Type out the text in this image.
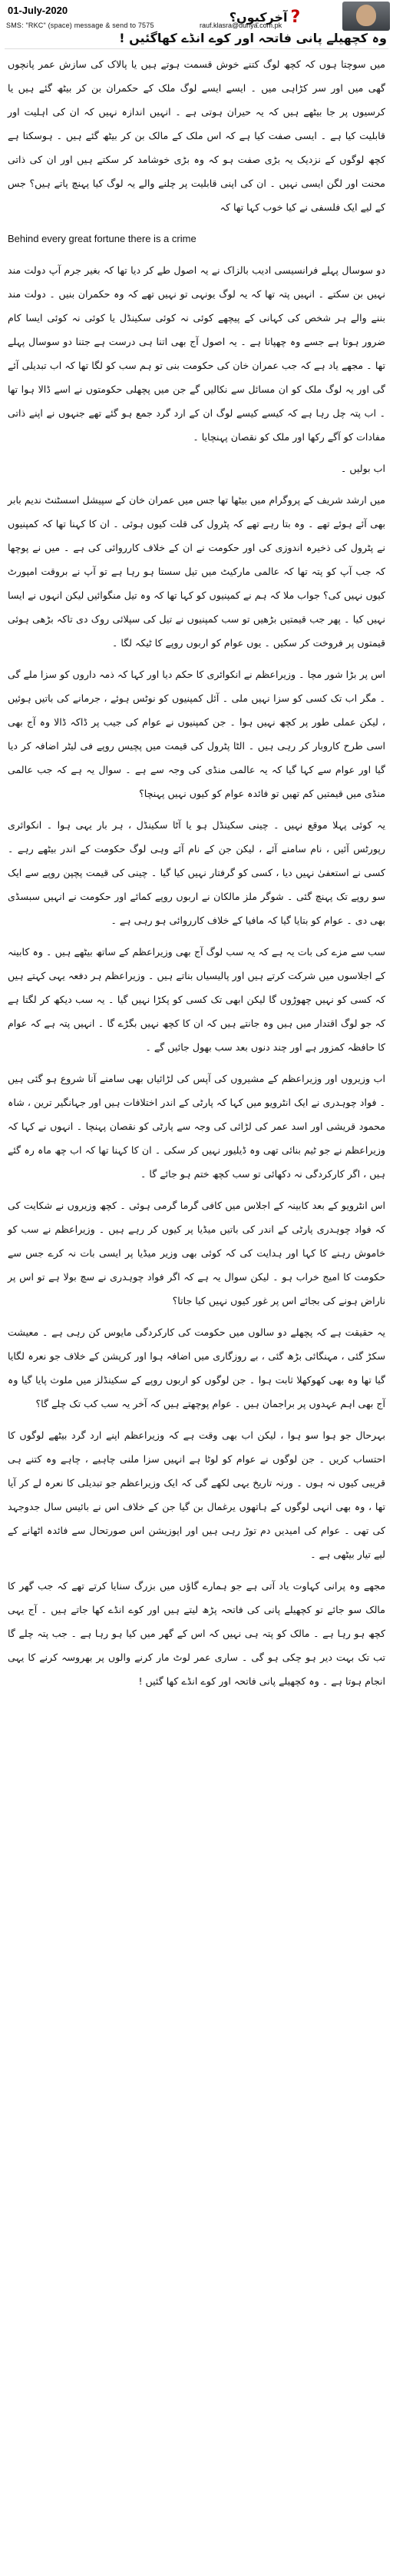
01-July-2020	آخرکیوں؟ ?
SMS: "RKC" (space) message & send to 7575	rauf.klasra@dunya.com.pk
وہ کچھیلے پانی فاتحہ اور کوے انڈے کھاگئیں !

میں سوچتا ہوں کہ کچھ لوگ کتنے خوش قسمت ہوتے ہیں یا پالاک کی سازش عمر پانچوں گھی میں اور سر کڑاہی میں ۔ ایسے ایسے لوگ ملک کے حکمران بن کر بیٹھ گئے ہیں یا کرسیوں پر جا بیٹھے ہیں کہ یہ حیران ہوتی ہے ۔ انہیں اندازہ نہیں کہ ان کی اہلیت اور قابلیت کیا ہے ۔ ایسی صفت کیا ہے کہ اس ملک کے مالک بن کر بیٹھ گئے ہیں ۔ ہوسکتا ہے کچھ لوگوں کے نزدیک یہ بڑی صفت ہو کہ وہ بڑی خوشامد کر سکتے ہیں اور ان کی ذاتی محنت اور لگن ایسی نہیں ۔ ان کی اپنی قابلیت پر چلنے والے یہ لوگ کیا پہنچ پاتے ہیں؟ جس کے لیے ایک فلسفی نے کیا خوب کہا تھا کہ

Behind every great fortune there is a crime

دو سوسال پہلے فرانسیسی ادیب بالزاک نے یہ اصول طے کر دیا تھا کہ بغیر جرم آپ دولت مند نہیں بن سکتے ۔ انہیں پتہ تھا کہ یہ لوگ یونہی تو نہیں تھے کہ وہ حکمران بنیں ۔ دولت مند بننے والے ہر شخص کی کہانی کے پیچھے کوئی نہ کوئی سکینڈل یا کوئی نہ کوئی ایسا کام ضرور ہوتا ہے جسے وہ چھپاتا ہے ۔ یہ اصول آج بھی اتنا ہی درست ہے جتنا دو سوسال پہلے تھا ۔ مجھے یاد ہے کہ جب عمران خان کی حکومت بنی تو ہم سب کو لگا تھا کہ اب تبدیلی آئے گی اور یہ لوگ ملک کو ان مسائل سے نکالیں گے جن میں پچھلی حکومتوں نے اسے ڈالا ہوا تھا ۔ اب پتہ چل رہا ہے کہ کیسے کیسے لوگ ان کے ارد گرد جمع ہو گئے تھے جنہوں نے اپنے ذاتی مفادات کو آگے رکھا اور ملک کو نقصان پہنچایا ۔

اب بولیں ۔

میں ارشد شریف کے پروگرام میں بیٹھا تھا جس میں عمران خان کے سپیشل اسسٹنٹ ندیم بابر بھی آئے ہوئے تھے ۔ وہ بتا رہے تھے کہ پٹرول کی قلت کیوں ہوئی ۔ ان کا کہنا تھا کہ کمپنیوں نے پٹرول کی ذخیرہ اندوزی کی اور حکومت نے ان کے خلاف کارروائی کی ہے ۔ میں نے پوچھا کہ جب آپ کو پتہ تھا کہ عالمی مارکیٹ میں تیل سستا ہو رہا ہے تو آپ نے بروقت امپورٹ کیوں نہیں کی؟ جواب ملا کہ ہم نے کمپنیوں کو کہا تھا کہ وہ تیل منگوائیں لیکن انہوں نے ایسا نہیں کیا ۔ پھر جب قیمتیں بڑھیں تو سب کمپنیوں نے تیل کی سپلائی روک دی تاکہ بڑھی ہوئی قیمتوں پر فروخت کر سکیں ۔ یوں عوام کو اربوں روپے کا ٹیکہ لگا ۔

اس پر بڑا شور مچا ۔ وزیراعظم نے انکوائری کا حکم دیا اور کہا کہ ذمہ داروں کو سزا ملے گی ۔ مگر اب تک کسی کو سزا نہیں ملی ۔ آئل کمپنیوں کو نوٹس ہوئے ، جرمانے کی باتیں ہوئیں ، لیکن عملی طور پر کچھ نہیں ہوا ۔ جن کمپنیوں نے عوام کی جیب پر ڈاکہ ڈالا وہ آج بھی اسی طرح کاروبار کر رہی ہیں ۔ الٹا پٹرول کی قیمت میں پچیس روپے فی لیٹر اضافہ کر دیا گیا اور عوام سے کہا گیا کہ یہ عالمی منڈی کی وجہ سے ہے ۔ سوال یہ ہے کہ جب عالمی منڈی میں قیمتیں کم تھیں تو فائدہ عوام کو کیوں نہیں پہنچا؟

یہ کوئی پہلا موقع نہیں ۔ چینی سکینڈل ہو یا آٹا سکینڈل ، ہر بار یہی ہوا ۔ انکوائری رپورٹس آئیں ، نام سامنے آئے ، لیکن جن کے نام آئے وہی لوگ حکومت کے اندر بیٹھے رہے ۔ کسی نے استعفیٰ نہیں دیا ، کسی کو گرفتار نہیں کیا گیا ۔ چینی کی قیمت پچپن روپے سے ایک سو روپے تک پہنچ گئی ۔ شوگر ملز مالکان نے اربوں روپے کمائے اور حکومت نے انہیں سبسڈی بھی دی ۔ عوام کو بتایا گیا کہ مافیا کے خلاف کارروائی ہو رہی ہے ۔

سب سے مزے کی بات یہ ہے کہ یہ سب لوگ آج بھی وزیراعظم کے ساتھ بیٹھے ہیں ۔ وہ کابینہ کے اجلاسوں میں شرکت کرتے ہیں اور پالیسیاں بناتے ہیں ۔ وزیراعظم ہر دفعہ یہی کہتے ہیں کہ کسی کو نہیں چھوڑوں گا لیکن ابھی تک کسی کو پکڑا نہیں گیا ۔ یہ سب دیکھ کر لگتا ہے کہ جو لوگ اقتدار میں ہیں وہ جانتے ہیں کہ ان کا کچھ نہیں بگڑے گا ۔ انہیں پتہ ہے کہ عوام کا حافظہ کمزور ہے اور چند دنوں بعد سب بھول جائیں گے ۔

اب وزیروں اور وزیراعظم کے مشیروں کی آپس کی لڑائیاں بھی سامنے آنا شروع ہو گئی ہیں ۔ فواد چوہدری نے ایک انٹرویو میں کہا کہ پارٹی کے اندر اختلافات ہیں اور جہانگیر ترین ، شاہ محمود قریشی اور اسد عمر کی لڑائی کی وجہ سے پارٹی کو نقصان پہنچا ۔ انہوں نے کہا کہ وزیراعظم نے جو ٹیم بنائی تھی وہ ڈیلیور نہیں کر سکی ۔ ان کا کہنا تھا کہ اب چھ ماہ رہ گئے ہیں ، اگر کارکردگی نہ دکھائی تو سب کچھ ختم ہو جائے گا ۔

اس انٹرویو کے بعد کابینہ کے اجلاس میں کافی گرما گرمی ہوئی ۔ کچھ وزیروں نے شکایت کی کہ فواد چوہدری پارٹی کے اندر کی باتیں میڈیا پر کیوں کر رہے ہیں ۔ وزیراعظم نے سب کو خاموش رہنے کا کہا اور ہدایت کی کہ کوئی بھی وزیر میڈیا پر ایسی بات نہ کرے جس سے حکومت کا امیج خراب ہو ۔ لیکن سوال یہ ہے کہ اگر فواد چوہدری نے سچ بولا ہے تو اس پر ناراض ہونے کی بجائے اس پر غور کیوں نہیں کیا جاتا؟

یہ حقیقت ہے کہ پچھلے دو سالوں میں حکومت کی کارکردگی مایوس کن رہی ہے ۔ معیشت سکڑ گئی ، مہنگائی بڑھ گئی ، بے روزگاری میں اضافہ ہوا اور کرپشن کے خلاف جو نعرہ لگایا گیا تھا وہ بھی کھوکھلا ثابت ہوا ۔ جن لوگوں کو اربوں روپے کے سکینڈلز میں ملوث پایا گیا وہ آج بھی اہم عہدوں پر براجمان ہیں ۔ عوام پوچھتے ہیں کہ آخر یہ سب کب تک چلے گا؟

بہرحال جو ہوا سو ہوا ، لیکن اب بھی وقت ہے کہ وزیراعظم اپنے ارد گرد بیٹھے لوگوں کا احتساب کریں ۔ جن لوگوں نے عوام کو لوٹا ہے انہیں سزا ملنی چاہیے ، چاہے وہ کتنے ہی قریبی کیوں نہ ہوں ۔ ورنہ تاریخ یہی لکھے گی کہ ایک وزیراعظم جو تبدیلی کا نعرہ لے کر آیا تھا ، وہ بھی انہی لوگوں کے ہاتھوں یرغمال بن گیا جن کے خلاف اس نے بائیس سال جدوجہد کی تھی ۔ عوام کی امیدیں دم توڑ رہی ہیں اور اپوزیشن اس صورتحال سے فائدہ اٹھانے کے لیے تیار بیٹھی ہے ۔

مجھے وہ پرانی کہاوت یاد آتی ہے جو ہمارے گاؤں میں بزرگ سنایا کرتے تھے کہ جب گھر کا مالک سو جائے تو کچھیلے پانی کی فاتحہ پڑھ لیتے ہیں اور کوے انڈے کھا جاتے ہیں ۔ آج یہی کچھ ہو رہا ہے ۔ مالک کو پتہ ہی نہیں کہ اس کے گھر میں کیا ہو رہا ہے ۔ جب پتہ چلے گا تب تک بہت دیر ہو چکی ہو گی ۔ ساری عمر لوٹ مار کرنے والوں پر بھروسہ کرنے کا یہی انجام ہوتا ہے ۔ وہ کچھیلے پانی فاتحہ اور کوے انڈے کھا گئیں !
